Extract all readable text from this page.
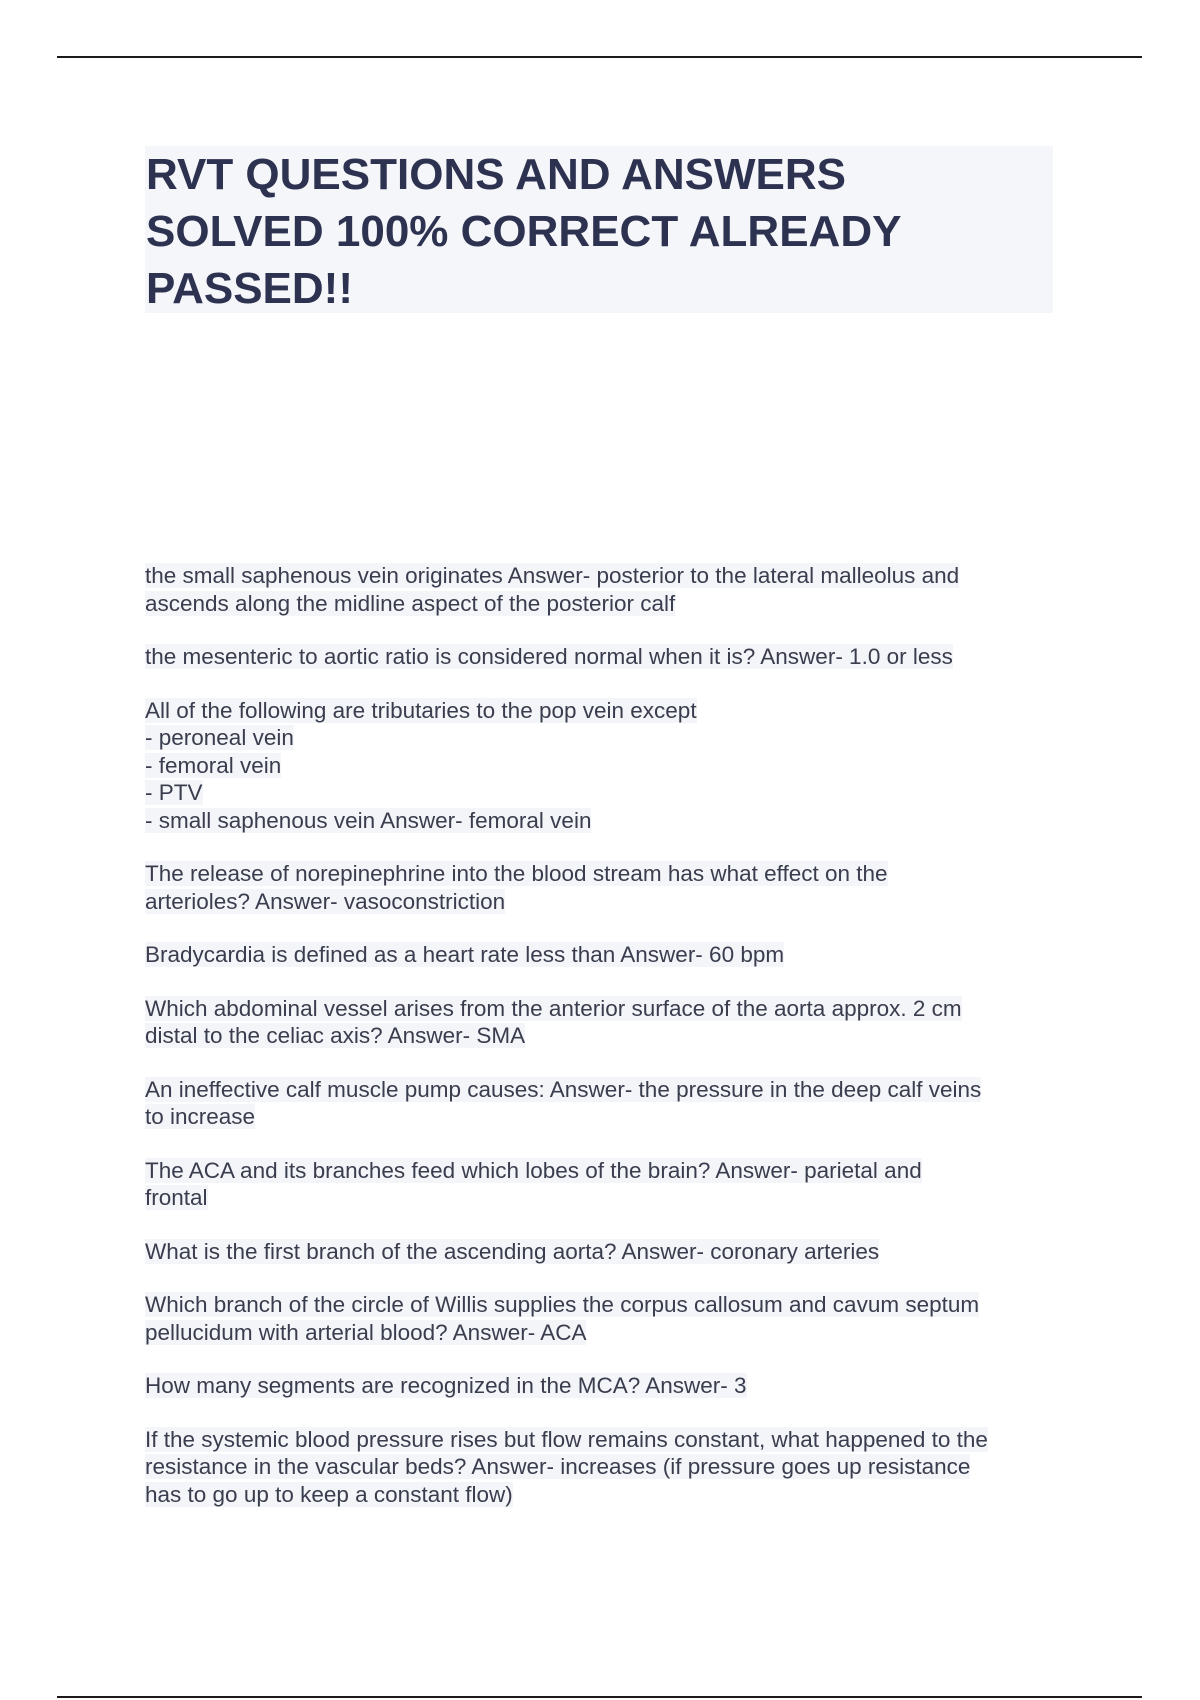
RVT QUESTIONS AND ANSWERS
SOLVED 100% CORRECT ALREADY
PASSED!!

the small saphenous vein originates Answer- posterior to the lateral malleolus and
ascends along the midline aspect of the posterior calf

the mesenteric to aortic ratio is considered normal when it is? Answer- 1.0 or less

All of the following are tributaries to the pop vein except
- peroneal vein
- femoral vein
- PTV
- small saphenous vein Answer- femoral vein

The release of norepinephrine into the blood stream has what effect on the
arterioles? Answer- vasoconstriction

Bradycardia is defined as a heart rate less than Answer- 60 bpm

Which abdominal vessel arises from the anterior surface of the aorta approx. 2 cm
distal to the celiac axis? Answer- SMA

An ineffective calf muscle pump causes: Answer- the pressure in the deep calf veins
to increase

The ACA and its branches feed which lobes of the brain? Answer- parietal and
frontal

What is the first branch of the ascending aorta? Answer- coronary arteries

Which branch of the circle of Willis supplies the corpus callosum and cavum septum
pellucidum with arterial blood? Answer- ACA

How many segments are recognized in the MCA? Answer- 3

If the systemic blood pressure rises but flow remains constant, what happened to the
resistance in the vascular beds? Answer- increases (if pressure goes up resistance
has to go up to keep a constant flow)
